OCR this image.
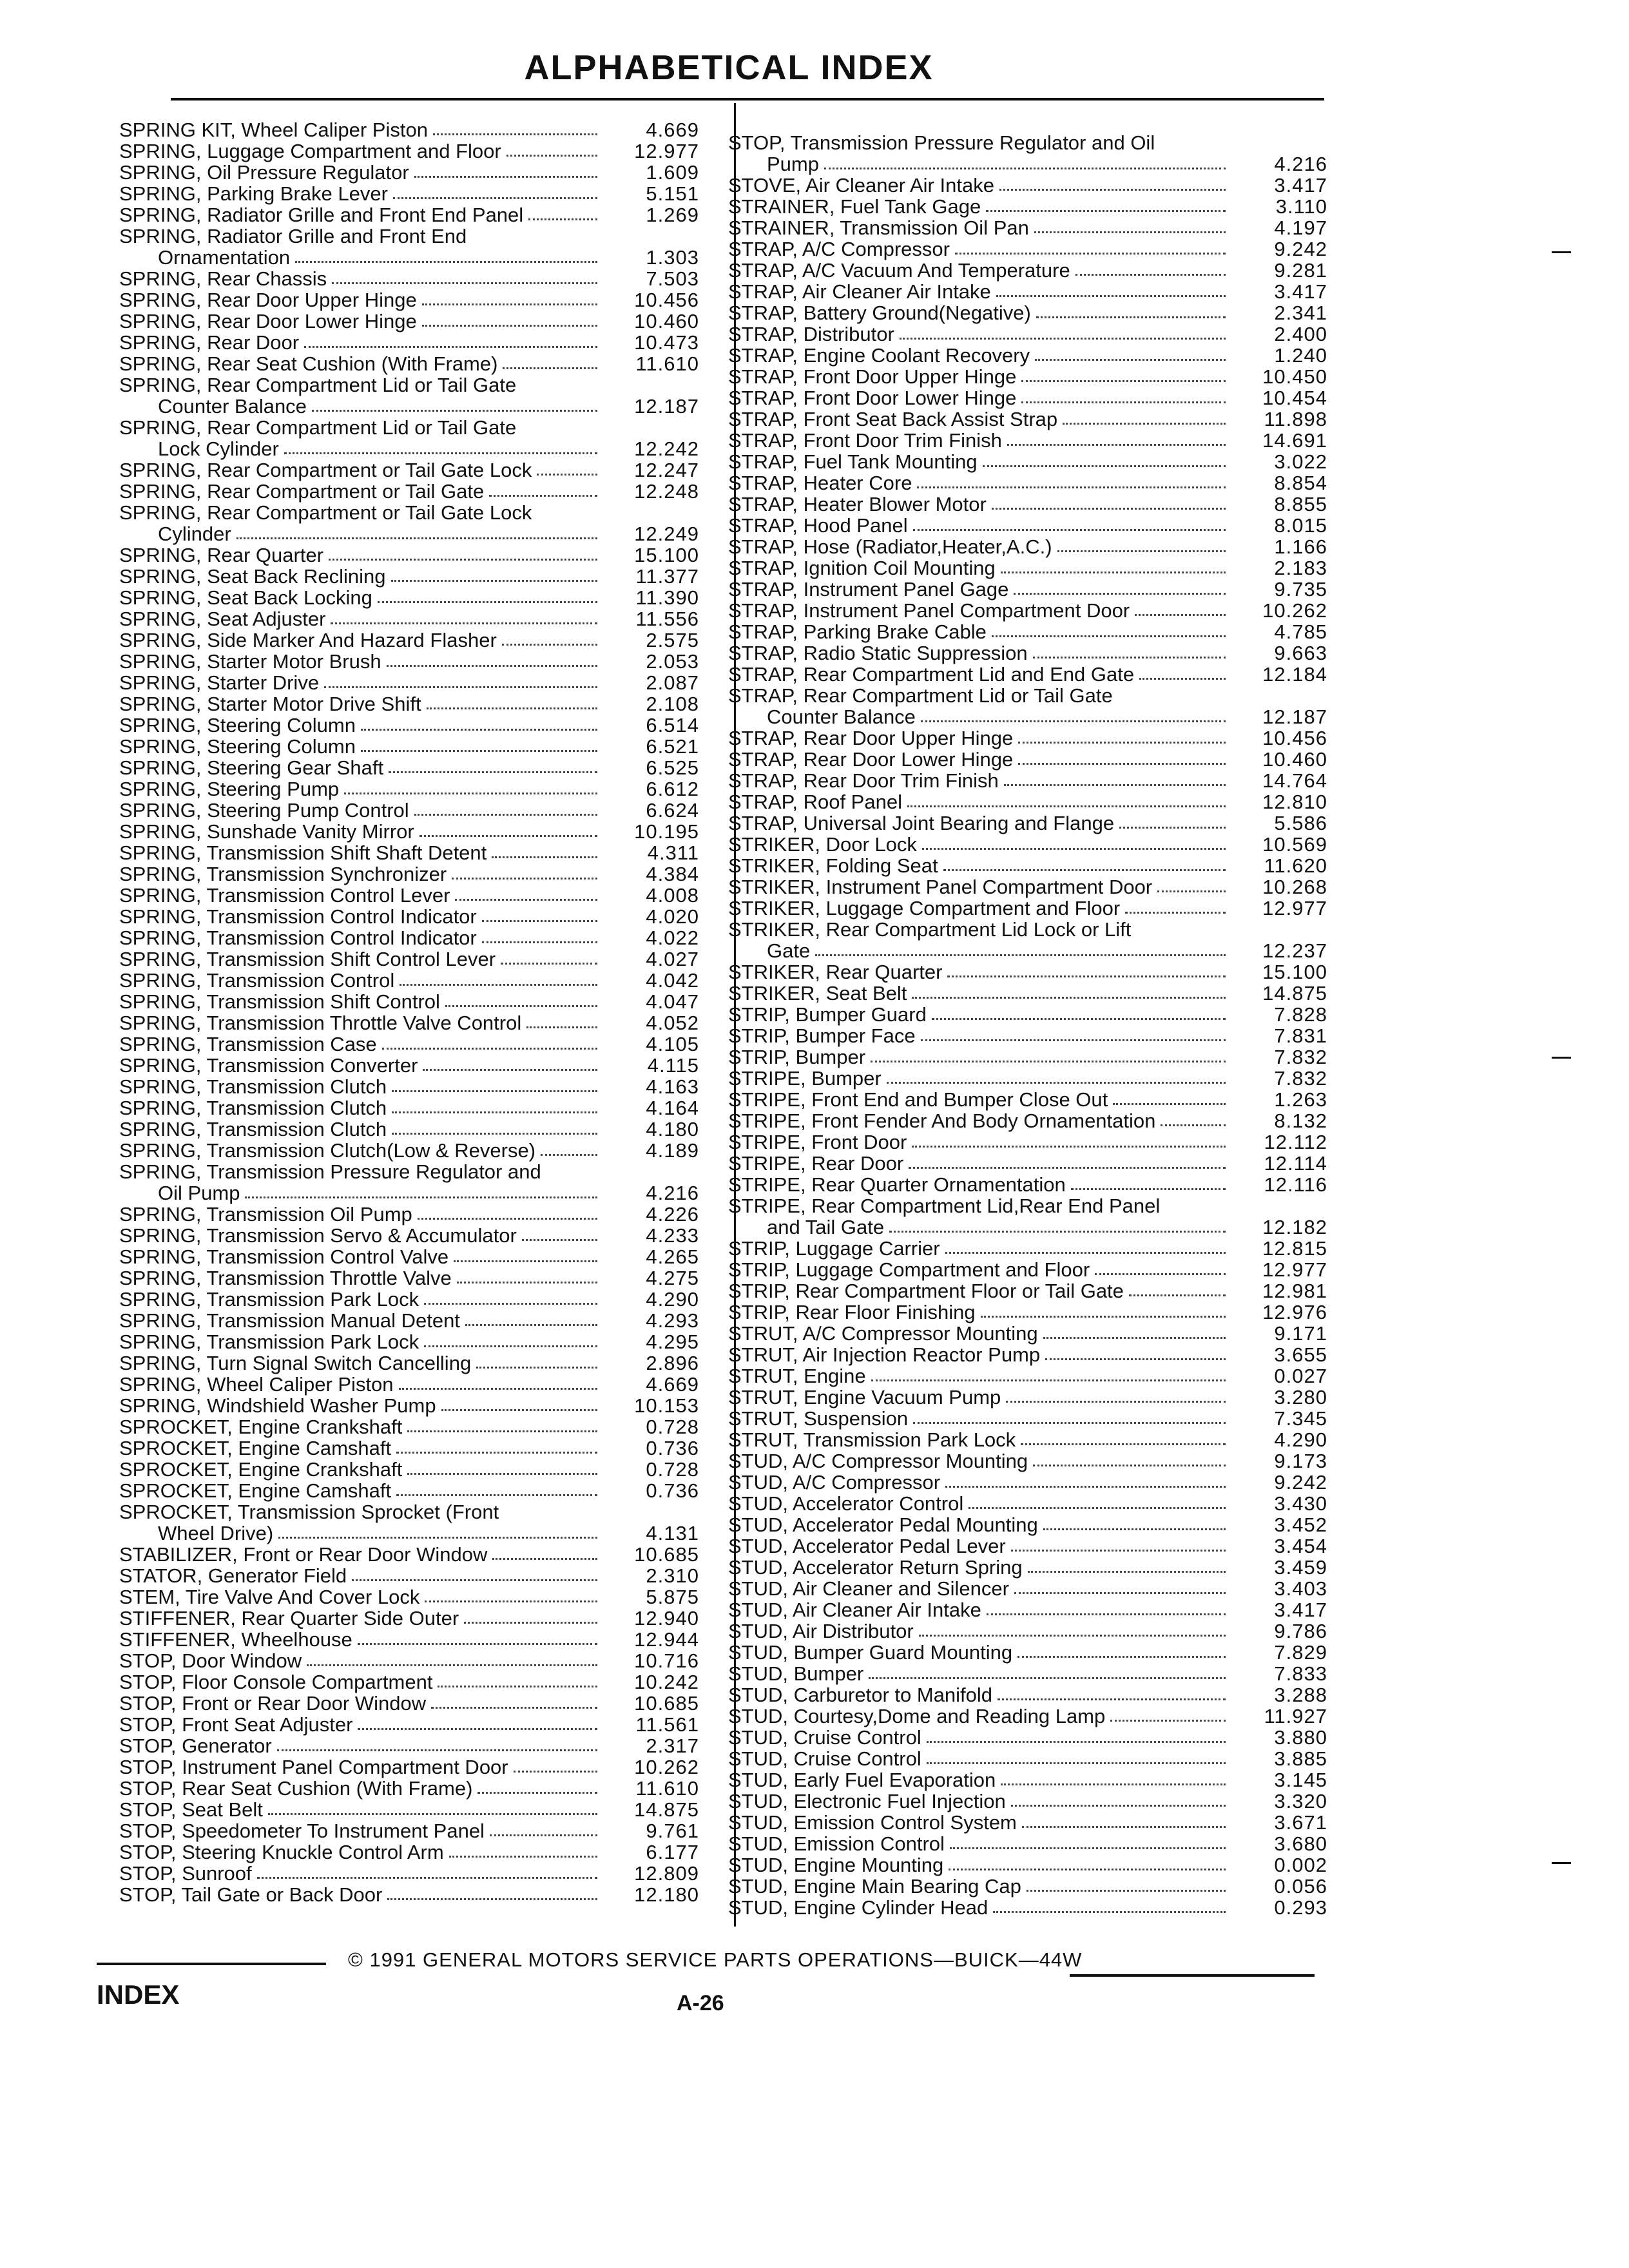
ALPHABETICAL INDEX
SPRING KIT, Wheel Caliper Piston	4.669
SPRING, Luggage Compartment and Floor	12.977
SPRING, Oil Pressure Regulator	1.609
SPRING, Parking Brake Lever	5.151
SPRING, Radiator Grille and Front End Panel	1.269
SPRING, Radiator Grille and Front End
Ornamentation	1.303
SPRING, Rear Chassis	7.503
SPRING, Rear Door Upper Hinge	10.456
SPRING, Rear Door Lower Hinge	10.460
SPRING, Rear Door	10.473
SPRING, Rear Seat Cushion (With Frame)	11.610
SPRING, Rear Compartment Lid or Tail Gate
Counter Balance	12.187
SPRING, Rear Compartment Lid or Tail Gate
Lock Cylinder	12.242
SPRING, Rear Compartment or Tail Gate Lock	12.247
SPRING, Rear Compartment or Tail Gate	12.248
SPRING, Rear Compartment or Tail Gate Lock
Cylinder	12.249
SPRING, Rear Quarter	15.100
SPRING, Seat Back Reclining	11.377
SPRING, Seat Back Locking	11.390
SPRING, Seat Adjuster	11.556
SPRING, Side Marker And Hazard Flasher	2.575
SPRING, Starter Motor Brush	2.053
SPRING, Starter Drive	2.087
SPRING, Starter Motor Drive Shift	2.108
SPRING, Steering Column	6.514
SPRING, Steering Column	6.521
SPRING, Steering Gear Shaft	6.525
SPRING, Steering Pump	6.612
SPRING, Steering Pump Control	6.624
SPRING, Sunshade Vanity Mirror	10.195
SPRING, Transmission Shift Shaft Detent	4.311
SPRING, Transmission Synchronizer	4.384
SPRING, Transmission Control Lever	4.008
SPRING, Transmission Control Indicator	4.020
SPRING, Transmission Control Indicator	4.022
SPRING, Transmission Shift Control Lever	4.027
SPRING, Transmission Control	4.042
SPRING, Transmission Shift Control	4.047
SPRING, Transmission Throttle Valve Control	4.052
SPRING, Transmission Case	4.105
SPRING, Transmission Converter	4.115
SPRING, Transmission Clutch	4.163
SPRING, Transmission Clutch	4.164
SPRING, Transmission Clutch	4.180
SPRING, Transmission Clutch(Low & Reverse)	4.189
SPRING, Transmission Pressure Regulator and
Oil Pump	4.216
SPRING, Transmission Oil Pump	4.226
SPRING, Transmission Servo & Accumulator	4.233
SPRING, Transmission Control Valve	4.265
SPRING, Transmission Throttle Valve	4.275
SPRING, Transmission Park Lock	4.290
SPRING, Transmission Manual Detent	4.293
SPRING, Transmission Park Lock	4.295
SPRING, Turn Signal Switch Cancelling	2.896
SPRING, Wheel Caliper Piston	4.669
SPRING, Windshield Washer Pump	10.153
SPROCKET, Engine Crankshaft	0.728
SPROCKET, Engine Camshaft	0.736
SPROCKET, Engine Crankshaft	0.728
SPROCKET, Engine Camshaft	0.736
SPROCKET, Transmission Sprocket (Front
Wheel Drive)	4.131
STABILIZER, Front or Rear Door Window	10.685
STATOR, Generator Field	2.310
STEM, Tire Valve And Cover Lock	5.875
STIFFENER, Rear Quarter Side Outer	12.940
STIFFENER, Wheelhouse	12.944
STOP, Door Window	10.716
STOP, Floor Console Compartment	10.242
STOP, Front or Rear Door Window	10.685
STOP, Front Seat Adjuster	11.561
STOP, Generator	2.317
STOP, Instrument Panel Compartment Door	10.262
STOP, Rear Seat Cushion (With Frame)	11.610
STOP, Seat Belt	14.875
STOP, Speedometer To Instrument Panel	9.761
STOP, Steering Knuckle Control Arm	6.177
STOP, Sunroof	12.809
STOP, Tail Gate or Back Door	12.180
STOP, Transmission Pressure Regulator and Oil
Pump	4.216
STOVE, Air Cleaner Air Intake	3.417
STRAINER, Fuel Tank Gage	3.110
STRAINER, Transmission Oil Pan	4.197
STRAP, A/C Compressor	9.242
STRAP, A/C Vacuum And Temperature	9.281
STRAP, Air Cleaner Air Intake	3.417
STRAP, Battery Ground(Negative)	2.341
STRAP, Distributor	2.400
STRAP, Engine Coolant Recovery	1.240
STRAP, Front Door Upper Hinge	10.450
STRAP, Front Door Lower Hinge	10.454
STRAP, Front Seat Back Assist Strap	11.898
STRAP, Front Door Trim Finish	14.691
STRAP, Fuel Tank Mounting	3.022
STRAP, Heater Core	8.854
STRAP, Heater Blower Motor	8.855
STRAP, Hood Panel	8.015
STRAP, Hose (Radiator,Heater,A.C.)	1.166
STRAP, Ignition Coil Mounting	2.183
STRAP, Instrument Panel Gage	9.735
STRAP, Instrument Panel Compartment Door	10.262
STRAP, Parking Brake Cable	4.785
STRAP, Radio Static Suppression	9.663
STRAP, Rear Compartment Lid and End Gate	12.184
STRAP, Rear Compartment Lid or Tail Gate
Counter Balance	12.187
STRAP, Rear Door Upper Hinge	10.456
STRAP, Rear Door Lower Hinge	10.460
STRAP, Rear Door Trim Finish	14.764
STRAP, Roof Panel	12.810
STRAP, Universal Joint Bearing and Flange	5.586
STRIKER, Door Lock	10.569
STRIKER, Folding Seat	11.620
STRIKER, Instrument Panel Compartment Door	10.268
STRIKER, Luggage Compartment and Floor	12.977
STRIKER, Rear Compartment Lid Lock or Lift
Gate	12.237
STRIKER, Rear Quarter	15.100
STRIKER, Seat Belt	14.875
STRIP, Bumper Guard	7.828
STRIP, Bumper Face	7.831
STRIP, Bumper	7.832
STRIPE, Bumper	7.832
STRIPE, Front End and Bumper Close Out	1.263
STRIPE, Front Fender And Body Ornamentation	8.132
STRIPE, Front Door	12.112
STRIPE, Rear Door	12.114
STRIPE, Rear Quarter Ornamentation	12.116
STRIPE, Rear Compartment Lid,Rear End Panel
and Tail Gate	12.182
STRIP, Luggage Carrier	12.815
STRIP, Luggage Compartment and Floor	12.977
STRIP, Rear Compartment Floor or Tail Gate	12.981
STRIP, Rear Floor Finishing	12.976
STRUT, A/C Compressor Mounting	9.171
STRUT, Air Injection Reactor Pump	3.655
STRUT, Engine	0.027
STRUT, Engine Vacuum Pump	3.280
STRUT, Suspension	7.345
STRUT, Transmission Park Lock	4.290
STUD, A/C Compressor Mounting	9.173
STUD, A/C Compressor	9.242
STUD, Accelerator Control	3.430
STUD, Accelerator Pedal Mounting	3.452
STUD, Accelerator Pedal Lever	3.454
STUD, Accelerator Return Spring	3.459
STUD, Air Cleaner and Silencer	3.403
STUD, Air Cleaner Air Intake	3.417
STUD, Air Distributor	9.786
STUD, Bumper Guard Mounting	7.829
STUD, Bumper	7.833
STUD, Carburetor to Manifold	3.288
STUD, Courtesy,Dome and Reading Lamp	11.927
STUD, Cruise Control	3.880
STUD, Cruise Control	3.885
STUD, Early Fuel Evaporation	3.145
STUD, Electronic Fuel Injection	3.320
STUD, Emission Control System	3.671
STUD, Emission Control	3.680
STUD, Engine Mounting	0.002
STUD, Engine Main Bearing Cap	0.056
STUD, Engine Cylinder Head	0.293
© 1991 GENERAL MOTORS SERVICE PARTS OPERATIONS—BUICK—44W
INDEX	A-26
